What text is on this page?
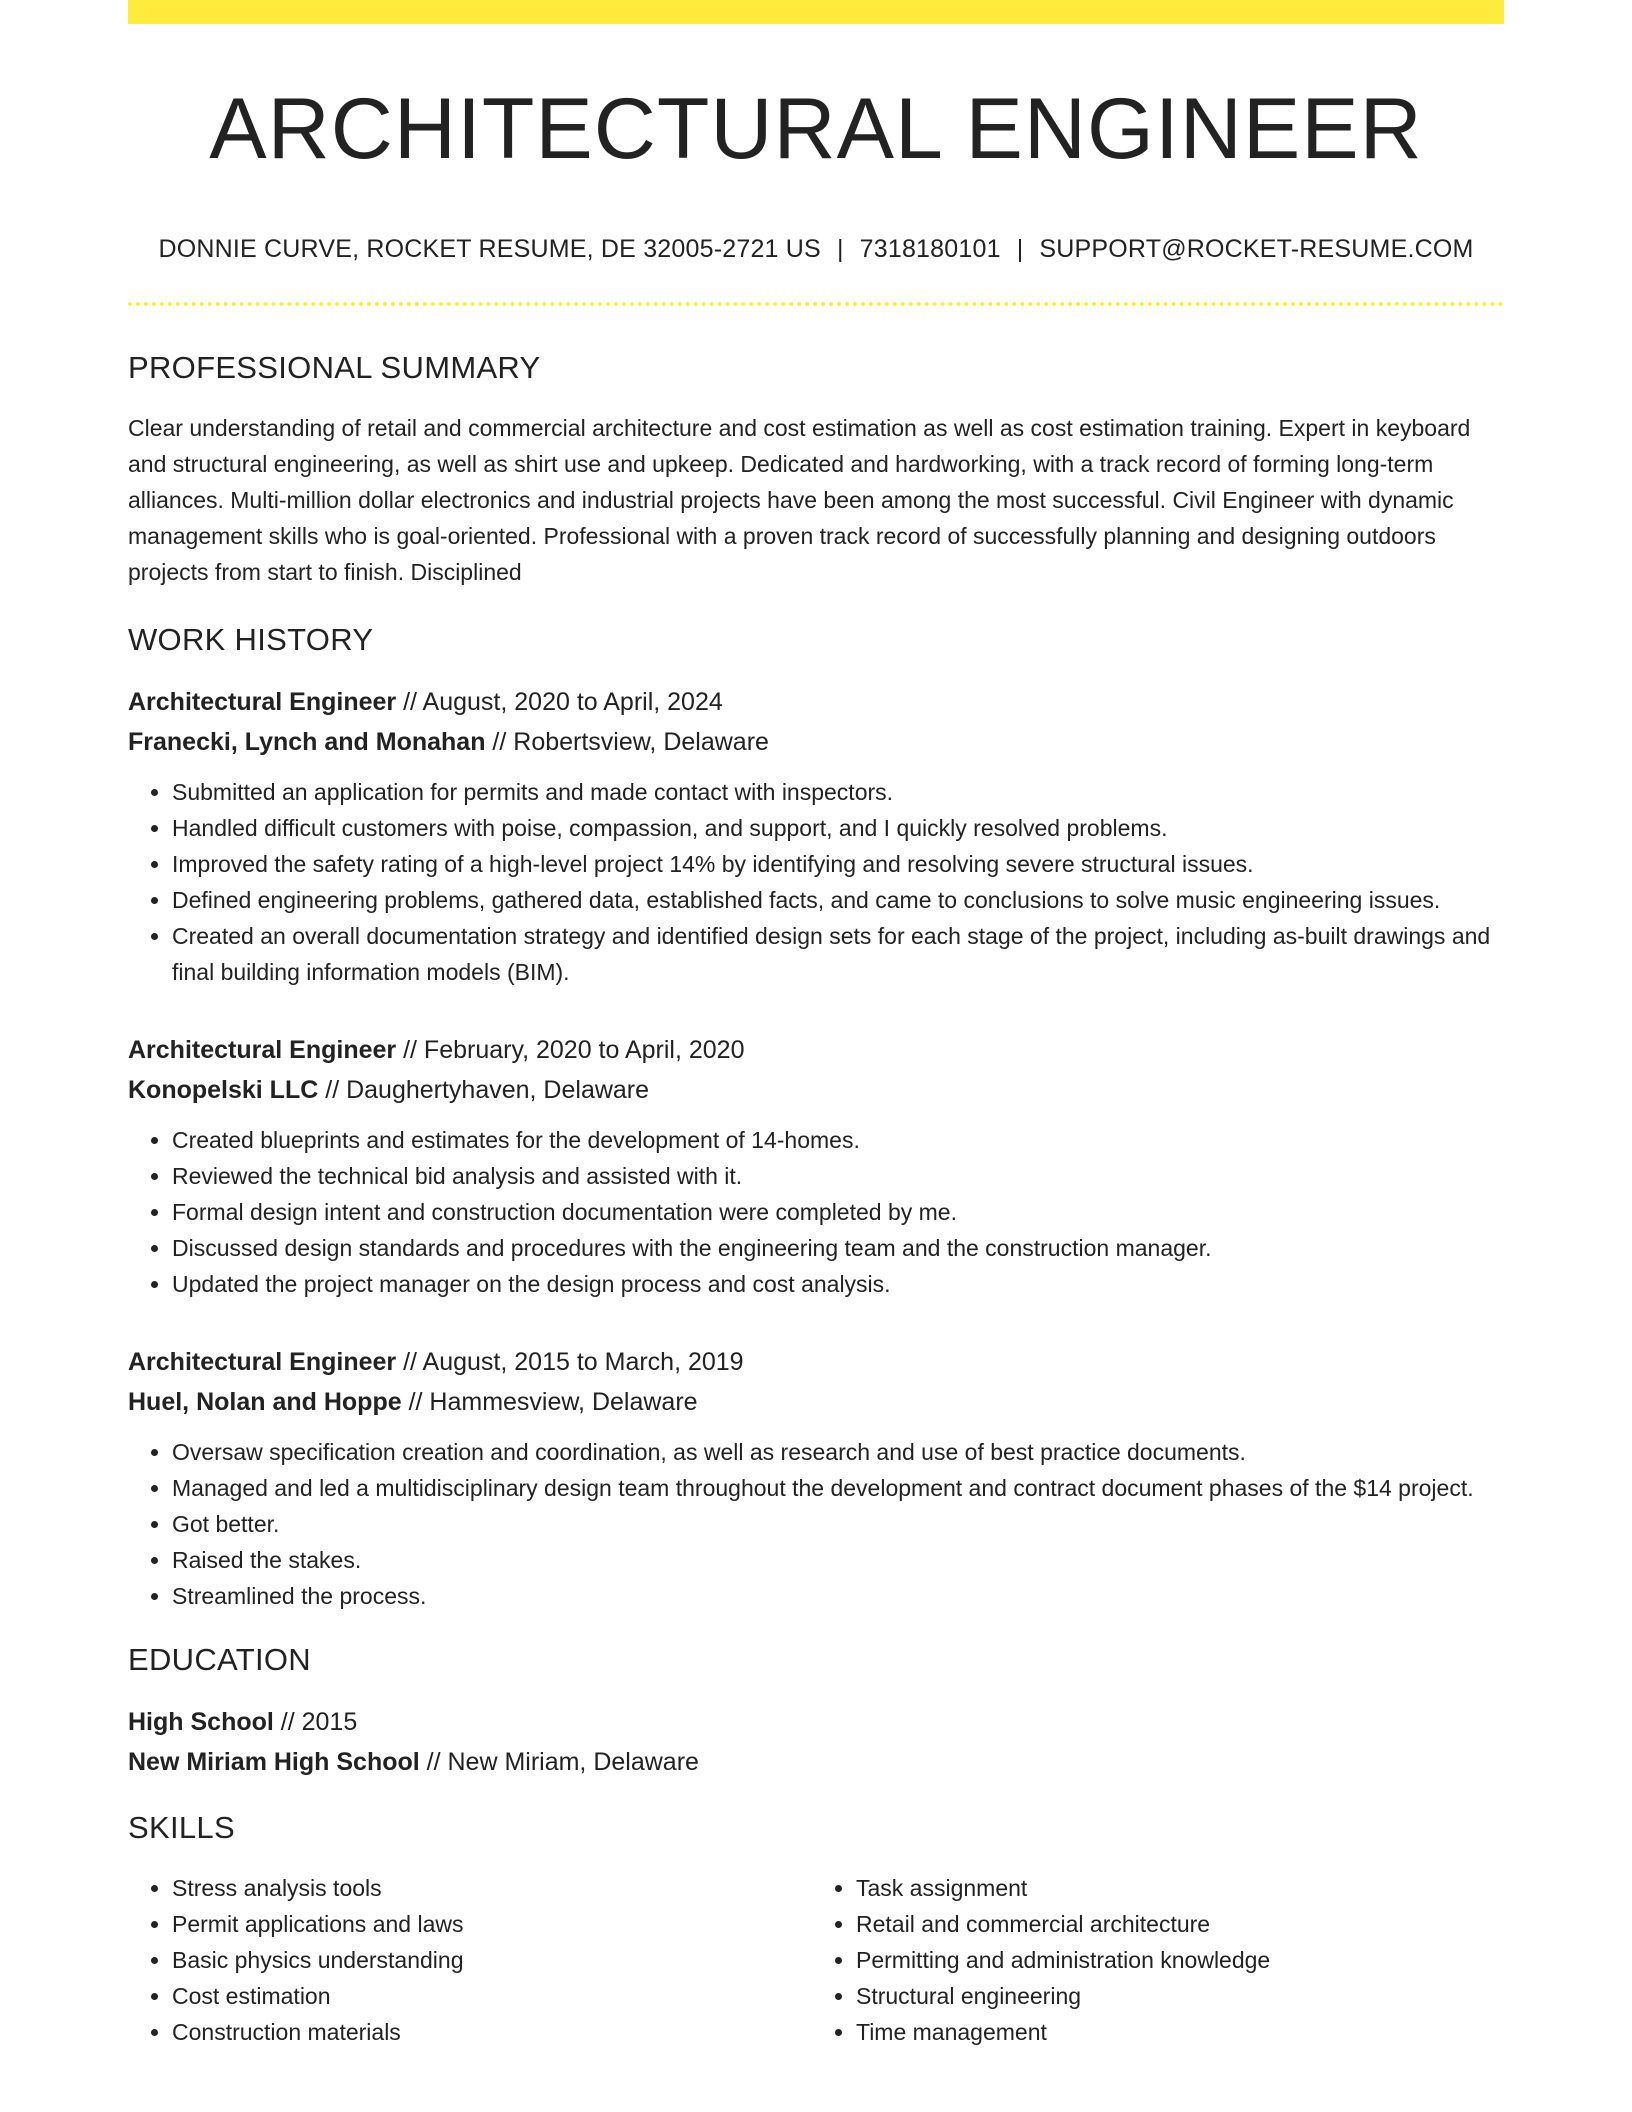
ARCHITECTURAL ENGINEER
DONNIE CURVE, ROCKET RESUME, DE 32005-2721 US | 7318180101 | SUPPORT@ROCKET-RESUME.COM
PROFESSIONAL SUMMARY
Clear understanding of retail and commercial architecture and cost estimation as well as cost estimation training. Expert in keyboard and structural engineering, as well as shirt use and upkeep. Dedicated and hardworking, with a track record of forming long-term alliances. Multi-million dollar electronics and industrial projects have been among the most successful. Civil Engineer with dynamic management skills who is goal-oriented. Professional with a proven track record of successfully planning and designing outdoors projects from start to finish. Disciplined
WORK HISTORY
Architectural Engineer // August, 2020 to April, 2024
Franecki, Lynch and Monahan // Robertsview, Delaware
• Submitted an application for permits and made contact with inspectors.
• Handled difficult customers with poise, compassion, and support, and I quickly resolved problems.
• Improved the safety rating of a high-level project 14% by identifying and resolving severe structural issues.
• Defined engineering problems, gathered data, established facts, and came to conclusions to solve music engineering issues.
• Created an overall documentation strategy and identified design sets for each stage of the project, including as-built drawings and final building information models (BIM).
Architectural Engineer // February, 2020 to April, 2020
Konopelski LLC // Daughertyhaven, Delaware
• Created blueprints and estimates for the development of 14-homes.
• Reviewed the technical bid analysis and assisted with it.
• Formal design intent and construction documentation were completed by me.
• Discussed design standards and procedures with the engineering team and the construction manager.
• Updated the project manager on the design process and cost analysis.
Architectural Engineer // August, 2015 to March, 2019
Huel, Nolan and Hoppe // Hammesview, Delaware
• Oversaw specification creation and coordination, as well as research and use of best practice documents.
• Managed and led a multidisciplinary design team throughout the development and contract document phases of the $14 project.
• Got better.
• Raised the stakes.
• Streamlined the process.
EDUCATION
High School // 2015
New Miriam High School // New Miriam, Delaware
SKILLS
• Stress analysis tools
• Permit applications and laws
• Basic physics understanding
• Cost estimation
• Construction materials
• Task assignment
• Retail and commercial architecture
• Permitting and administration knowledge
• Structural engineering
• Time management
